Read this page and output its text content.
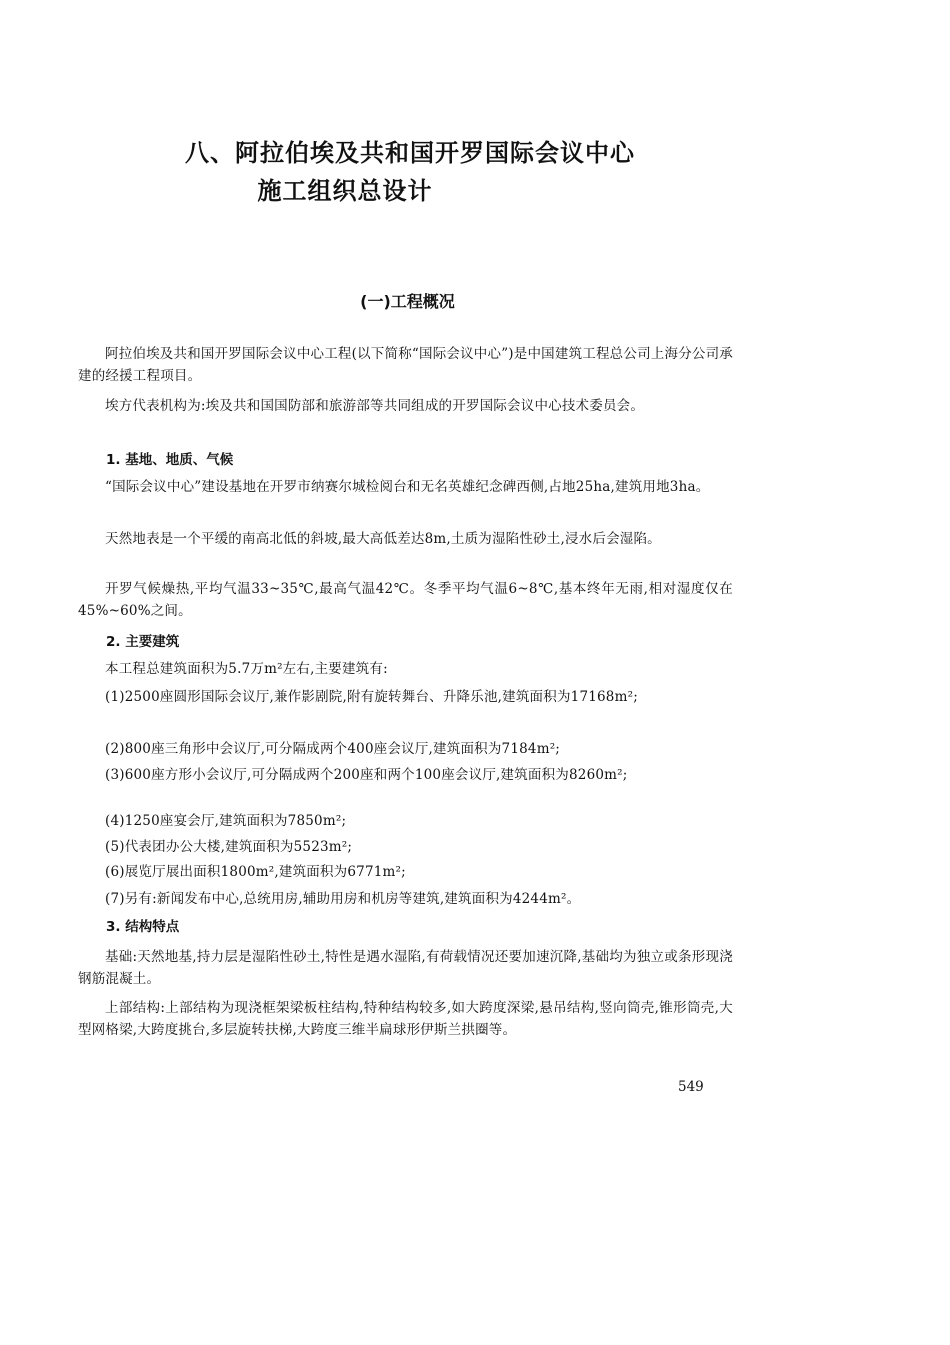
八、阿拉伯埃及共和国开罗国际会议中心
施工组织总设计
(一)工程概况
阿拉伯埃及共和国开罗国际会议中心工程(以下简称“国际会议中心”)是中国建筑工程总公司上海分公司承建的经援工程项目。
埃方代表机构为:埃及共和国国防部和旅游部等共同组成的开罗国际会议中心技术委员会。
1. 基地、地质、气候
“国际会议中心”建设基地在开罗市纳赛尔城检阅台和无名英雄纪念碑西侧,占地25ha,建筑用地3ha。
天然地表是一个平缓的南高北低的斜坡,最大高低差达8m,土质为湿陷性砂土,浸水后会湿陷。
开罗气候燥热,平均气温33~35℃,最高气温42℃。冬季平均气温6~8℃,基本终年无雨,相对湿度仅在45%~60%之间。
2. 主要建筑
本工程总建筑面积为5.7万m²左右,主要建筑有:
(1)2500座圆形国际会议厅,兼作影剧院,附有旋转舞台、升降乐池,建筑面积为17168m²;
(2)800座三角形中会议厅,可分隔成两个400座会议厅,建筑面积为7184m²;
(3)600座方形小会议厅,可分隔成两个200座和两个100座会议厅,建筑面积为8260m²;
(4)1250座宴会厅,建筑面积为7850m²;
(5)代表团办公大楼,建筑面积为5523m²;
(6)展览厅展出面积1800m²,建筑面积为6771m²;
(7)另有:新闻发布中心,总统用房,辅助用房和机房等建筑,建筑面积为4244m²。
3. 结构特点
基础:天然地基,持力层是湿陷性砂土,特性是遇水湿陷,有荷载情况还要加速沉降,基础均为独立或条形现浇钢筋混凝土。
上部结构:上部结构为现浇框架梁板柱结构,特种结构较多,如大跨度深梁,悬吊结构,竖向筒壳,锥形筒壳,大型网格梁,大跨度挑台,多层旋转扶梯,大跨度三维半扁球形伊斯兰拱圈等。
549
